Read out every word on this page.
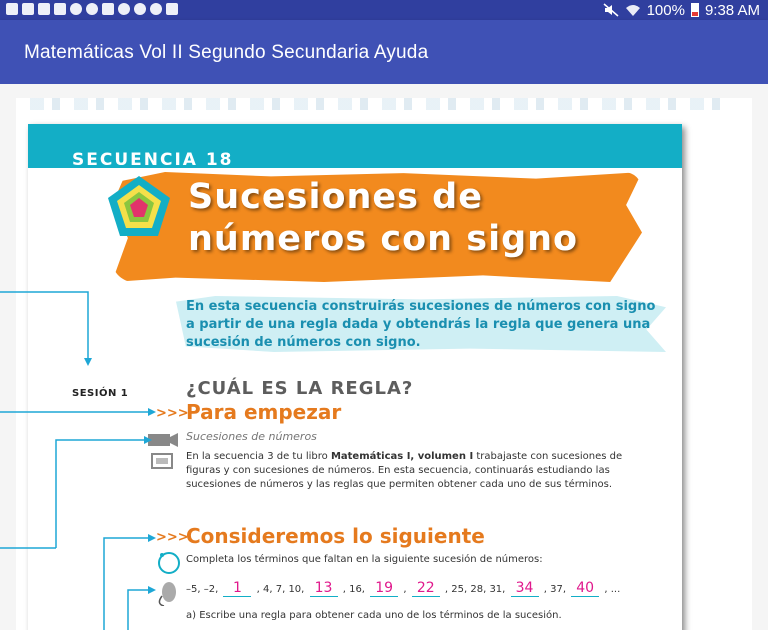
100% 9:38 AM
Matemáticas Vol II Segundo Secundaria Ayuda
SECUENCIA 18
Sucesiones de
números con signo
En esta secuencia construirás sucesiones de números con signo a partir de una regla dada y obtendrás la regla que genera una sucesión de números con signo.
SESIÓN 1	¿CUÁL ES LA REGLA?
>>>
Para empezar
Sucesiones de números
En la secuencia 3 de tu libro Matemáticas I, volumen I trabajaste con sucesiones de figuras y con sucesiones de números. En esta secuencia, continuarás estudiando las sucesiones de números y las reglas que permiten obtener cada uno de sus términos.
>>>
Consideremos lo siguiente
Completa los términos que faltan en la siguiente sucesión de números:
–5, –2, 1 , 4, 7, 10, 13 , 16, 19 , 22 , 25, 28, 31, 34 , 37, 40 , ...
a) Escribe una regla para obtener cada uno de los términos de la sucesión.
